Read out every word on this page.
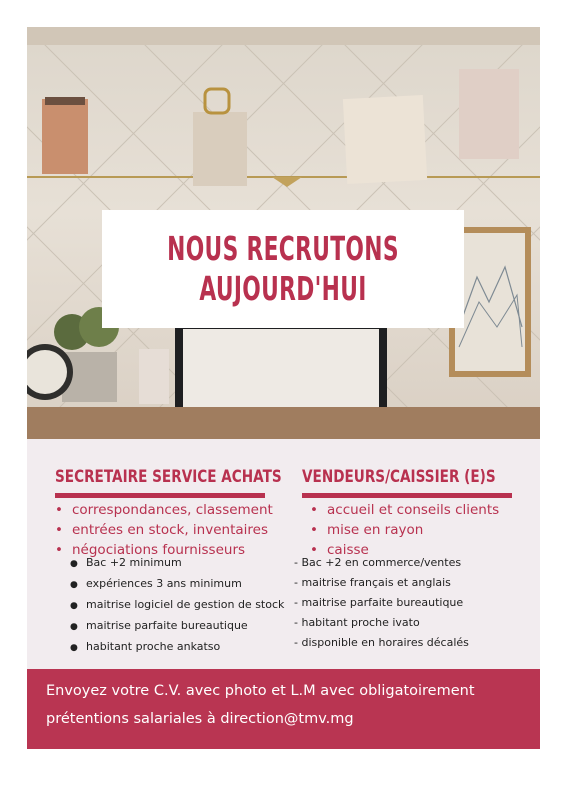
NOUS RECRUTONS
AUJOURD'HUI
SECRETAIRE SERVICE ACHATS
• correspondances, classement
• entrées en stock, inventaires
• négociations fournisseurs
● Bac +2 minimum
● expériences 3 ans minimum
● maitrise logiciel de gestion de stock
● maitrise parfaite bureautique
● habitant proche ankatso
VENDEURS/CAISSIER (E)S
• accueil et conseils clients
• mise en rayon
• caisse
- Bac +2 en commerce/ventes
- maitrise français et anglais
- maitrise parfaite bureautique
- habitant proche ivato
- disponible en horaires décalés

Envoyez votre C.V. avec photo et L.M avec obligatoirement

prétentions salariales à direction@tmv.mg
